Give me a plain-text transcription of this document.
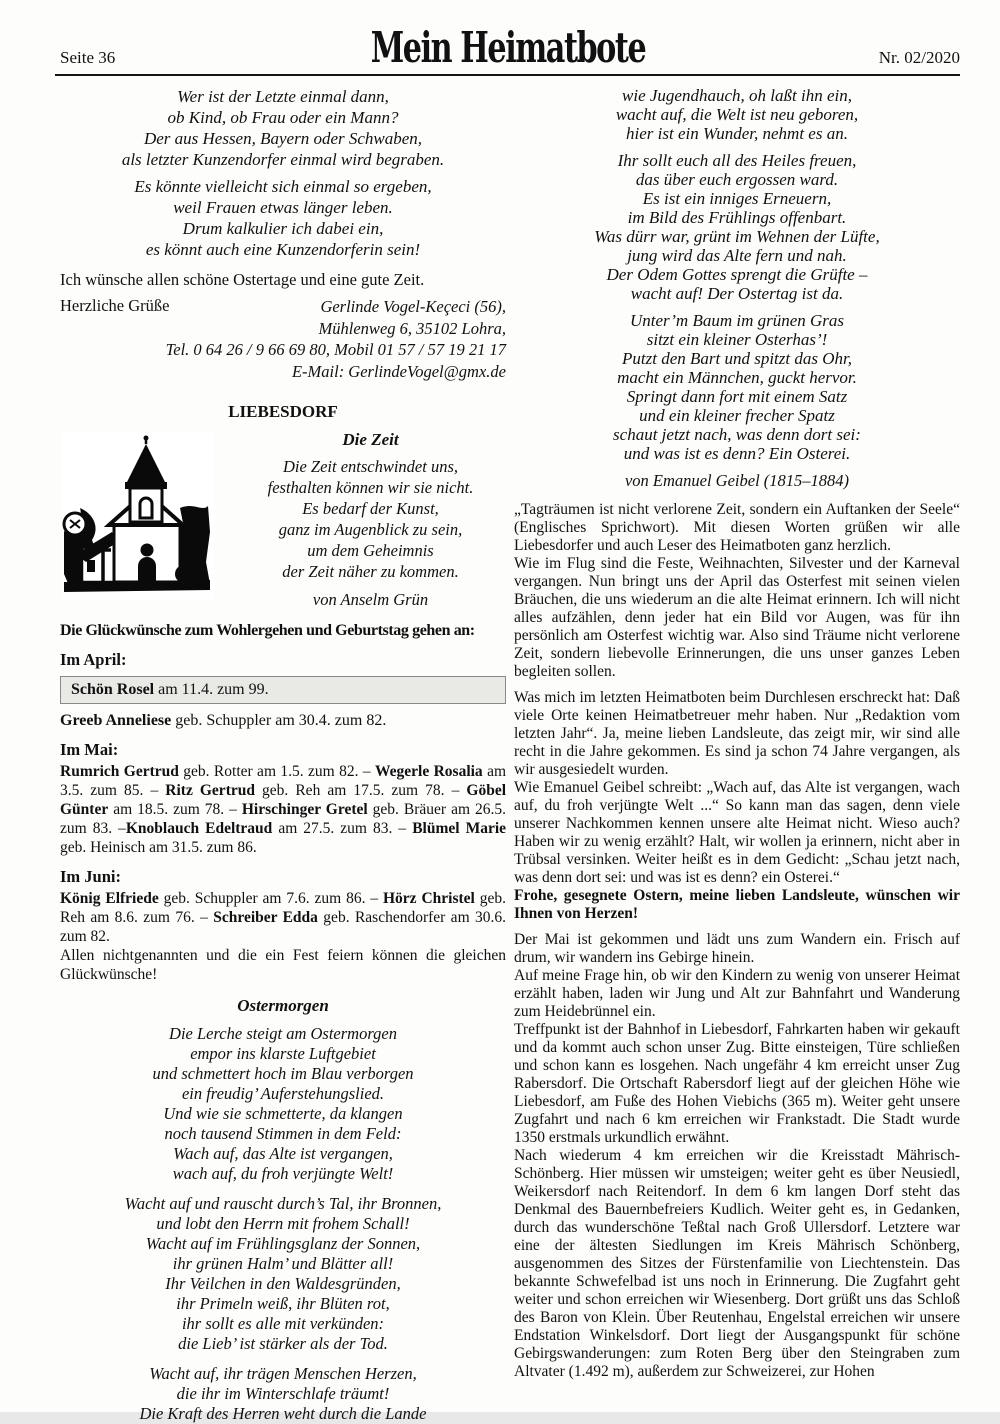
Seite 36	Mein Heimatbote	Nr. 02/2020

Wer ist der Letzte einmal dann,
ob Kind, ob Frau oder ein Mann?
Der aus Hessen, Bayern oder Schwaben,
als letzter Kunzendorfer einmal wird begraben.

Es könnte vielleicht sich einmal so ergeben,
weil Frauen etwas länger leben.
Drum kalkulier ich dabei ein,
es könnt auch eine Kunzendorferin sein!

Ich wünsche allen schöne Ostertage und eine gute Zeit.

Herzliche Grüße	Gerlinde Vogel-Keçeci (56),
Mühlenweg 6, 35102 Lohra,
Tel. 0 64 26 / 9 66 69 80, Mobil 01 57 / 57 19 21 17
E-Mail: GerlindeVogel@gmx.de

LIEBESDORF

Die Zeit

Die Zeit entschwindet uns,
festhalten können wir sie nicht.
Es bedarf der Kunst,
ganz im Augenblick zu sein,
um dem Geheimnis
der Zeit näher zu kommen.

von Anselm Grün

Die Glückwünsche zum Wohlergehen und Geburtstag gehen an:

Im April:

Schön Rosel am 11.4. zum 99.

Greeb Anneliese geb. Schuppler am 30.4. zum 82.

Im Mai:

Rumrich Gertrud geb. Rotter am 1.5. zum 82. – Wegerle Rosalia am 3.5. zum 85. – Ritz Gertrud geb. Reh am 17.5. zum 78. – Göbel Günter am 18.5. zum 78. – Hirschinger Gretel geb. Bräuer am 26.5. zum 83. –Knoblauch Edeltraud am 27.5. zum 83. – Blümel Marie geb. Heinisch am 31.5. zum 86.

Im Juni:

König Elfriede geb. Schuppler am 7.6. zum 86. – Hörz Christel geb. Reh am 8.6. zum 76. – Schreiber Edda geb. Raschendorfer am 30.6. zum 82.

Allen nichtgenannten und die ein Fest feiern können die gleichen Glückwünsche!

Ostermorgen

Die Lerche steigt am Ostermorgen
empor ins klarste Luftgebiet
und schmettert hoch im Blau verborgen
ein freudig’ Auferstehungslied.
Und wie sie schmetterte, da klangen
noch tausend Stimmen in dem Feld:
Wach auf, das Alte ist vergangen,
wach auf, du froh verjüngte Welt!

Wacht auf und rauscht durch’s Tal, ihr Bronnen,
und lobt den Herrn mit frohem Schall!
Wacht auf im Frühlingsglanz der Sonnen,
ihr grünen Halm’ und Blätter all!
Ihr Veilchen in den Waldesgründen,
ihr Primeln weiß, ihr Blüten rot,
ihr sollt es alle mit verkünden:
die Lieb’ ist stärker als der Tod.

Wacht auf, ihr trägen Menschen Herzen,
die ihr im Winterschlafe träumt!
Die Kraft des Herren weht durch die Lande

wie Jugendhauch, oh laßt ihn ein,
wacht auf, die Welt ist neu geboren,
hier ist ein Wunder, nehmt es an.

Ihr sollt euch all des Heiles freuen,
das über euch ergossen ward.
Es ist ein inniges Erneuern,
im Bild des Frühlings offenbart.
Was dürr war, grünt im Wehnen der Lüfte,
jung wird das Alte fern und nah.
Der Odem Gottes sprengt die Grüfte –
wacht auf! Der Ostertag ist da.

Unter’m Baum im grünen Gras
sitzt ein kleiner Osterhas’!
Putzt den Bart und spitzt das Ohr,
macht ein Männchen, guckt hervor.
Springt dann fort mit einem Satz
und ein kleiner frecher Spatz
schaut jetzt nach, was denn dort sei:
und was ist es denn? Ein Osterei.

von Emanuel Geibel (1815–1884)

„Tagträumen ist nicht verlorene Zeit, sondern ein Auftanken der Seele“ (Englisches Sprichwort). Mit diesen Worten grüßen wir alle Liebesdorfer und auch Leser des Heimatboten ganz herzlich.

Wie im Flug sind die Feste, Weihnachten, Silvester und der Karneval vergangen. Nun bringt uns der April das Osterfest mit seinen vielen Bräuchen, die uns wiederum an die alte Heimat erinnern. Ich will nicht alles aufzählen, denn jeder hat ein Bild vor Augen, was für ihn persönlich am Osterfest wichtig war. Also sind Träume nicht verlorene Zeit, sondern liebevolle Erinnerungen, die uns unser ganzes Leben begleiten sollen.

Was mich im letzten Heimatboten beim Durchlesen erschreckt hat: Daß viele Orte keinen Heimatbetreuer mehr haben. Nur „Redaktion vom letzten Jahr“. Ja, meine lieben Landsleute, das zeigt mir, wir sind alle recht in die Jahre gekommen. Es sind ja schon 74 Jahre vergangen, als wir ausgesiedelt wurden.

Wie Emanuel Geibel schreibt: „Wach auf, das Alte ist vergangen, wach auf, du froh verjüngte Welt ...“ So kann man das sagen, denn viele unserer Nachkommen kennen unsere alte Heimat nicht. Wieso auch? Haben wir zu wenig erzählt? Halt, wir wollen ja erinnern, nicht aber in Trübsal versinken. Weiter heißt es in dem Gedicht: „Schau jetzt nach, was denn dort sei: und was ist es denn? ein Osterei.“

Frohe, gesegnete Ostern, meine lieben Landsleute, wünschen wir Ihnen von Herzen!

Der Mai ist gekommen und lädt uns zum Wandern ein. Frisch auf drum, wir wandern ins Gebirge hinein.

Auf meine Frage hin, ob wir den Kindern zu wenig von unserer Heimat erzählt haben, laden wir Jung und Alt zur Bahnfahrt und Wanderung zum Heidebrünnel ein.

Treffpunkt ist der Bahnhof in Liebesdorf, Fahrkarten haben wir gekauft und da kommt auch schon unser Zug. Bitte einsteigen, Türe schließen und schon kann es losgehen. Nach ungefähr 4 km erreicht unser Zug Rabersdorf. Die Ortschaft Rabersdorf liegt auf der gleichen Höhe wie Liebesdorf, am Fuße des Hohen Viebichs (365 m). Weiter geht unsere Zugfahrt und nach 6 km erreichen wir Frankstadt. Die Stadt wurde 1350 erstmals urkundlich erwähnt.

Nach wiederum 4 km erreichen wir die Kreisstadt Mährisch-Schönberg. Hier müssen wir umsteigen; weiter geht es über Neusiedl, Weikersdorf nach Reitendorf. In dem 6 km langen Dorf steht das Denkmal des Bauernbefreiers Kudlich. Weiter geht es, in Gedanken, durch das wunderschöne Teßtal nach Groß Ullersdorf. Letztere war eine der ältesten Siedlungen im Kreis Mährisch Schönberg, ausgenommen des Sitzes der Fürstenfamilie von Liechtenstein. Das bekannte Schwefelbad ist uns noch in Erinnerung. Die Zugfahrt geht weiter und schon erreichen wir Wiesenberg. Dort grüßt uns das Schloß des Baron von Klein. Über Reutenhau, Engelstal erreichen wir unsere Endstation Winkelsdorf. Dort liegt der Ausgangspunkt für schöne Gebirgswanderungen: zum Roten Berg über den Steingraben zum Altvater (1.492 m), außerdem zur Schweizerei, zur Hohen
